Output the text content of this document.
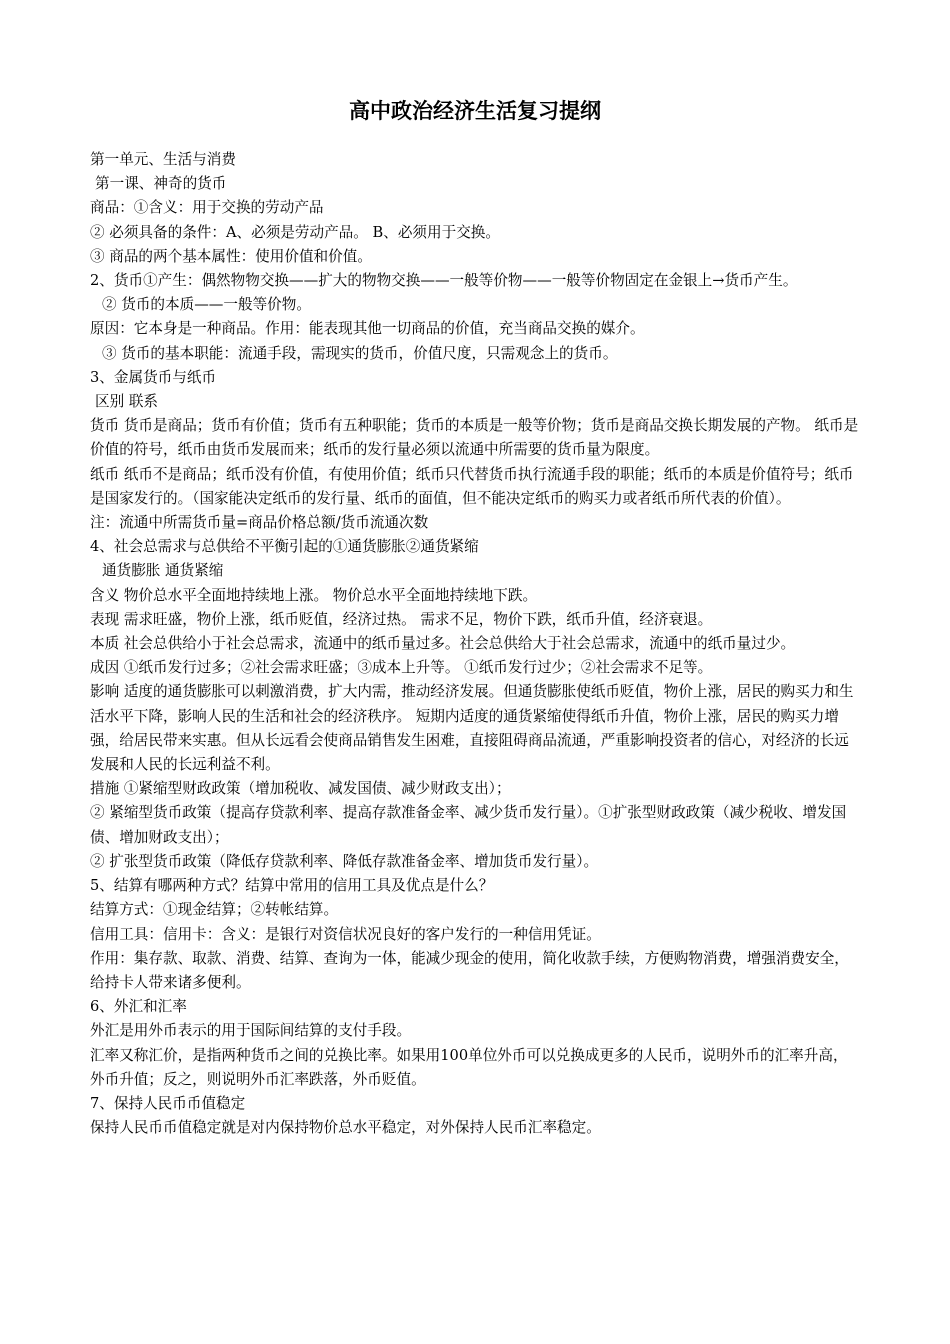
高中政治经济生活复习提纲

第一单元、生活与消费

第一课、神奇的货币

商品：①含义：用于交换的劳动产品

② 必须具备的条件：A、必须是劳动产品。 B、必须用于交换。

③ 商品的两个基本属性：使用价值和价值。

2、货币①产生：偶然物物交换——扩大的物物交换——一般等价物——一般等价物固定在金银上→货币产生。

② 货币的本质——一般等价物。

原因：它本身是一种商品。作用：能表现其他一切商品的价值，充当商品交换的媒介。

③ 货币的基本职能：流通手段，需现实的货币，价值尺度，只需观念上的货币。

3、金属货币与纸币

区别 联系

货币 货币是商品；货币有价值；货币有五种职能；货币的本质是一般等价物；货币是商品交换长期发展的产物。 纸币是价值的符号，纸币由货币发展而来；纸币的发行量必须以流通中所需要的货币量为限度。

纸币 纸币不是商品；纸币没有价值，有使用价值；纸币只代替货币执行流通手段的职能；纸币的本质是价值符号；纸币是国家发行的。（国家能决定纸币的发行量、纸币的面值，但不能决定纸币的购买力或者纸币所代表的价值）。

注：流通中所需货币量=商品价格总额/货币流通次数

4、社会总需求与总供给不平衡引起的①通货膨胀②通货紧缩

通货膨胀 通货紧缩

含义 物价总水平全面地持续地上涨。 物价总水平全面地持续地下跌。

表现 需求旺盛，物价上涨，纸币贬值，经济过热。 需求不足，物价下跌，纸币升值，经济衰退。

本质 社会总供给小于社会总需求，流通中的纸币量过多。社会总供给大于社会总需求，流通中的纸币量过少。

成因 ①纸币发行过多；②社会需求旺盛；③成本上升等。 ①纸币发行过少；②社会需求不足等。

影响 适度的通货膨胀可以刺激消费，扩大内需，推动经济发展。但通货膨胀使纸币贬值，物价上涨，居民的购买力和生活水平下降，影响人民的生活和社会的经济秩序。 短期内适度的通货紧缩使得纸币升值，物价上涨，居民的购买力增强，给居民带来实惠。但从长远看会使商品销售发生困难，直接阻碍商品流通，严重影响投资者的信心，对经济的长远发展和人民的长远利益不利。

措施 ①紧缩型财政政策（增加税收、减发国债、减少财政支出）；

② 紧缩型货币政策（提高存贷款利率、提高存款准备金率、减少货币发行量）。①扩张型财政政策（减少税收、增发国债、增加财政支出）；

② 扩张型货币政策（降低存贷款利率、降低存款准备金率、增加货币发行量）。

5、结算有哪两种方式？结算中常用的信用工具及优点是什么？

结算方式：①现金结算；②转帐结算。

信用工具：信用卡：含义：是银行对资信状况良好的客户发行的一种信用凭证。

作用：集存款、取款、消费、结算、查询为一体，能减少现金的使用，简化收款手续，方便购物消费，增强消费安全，给持卡人带来诸多便利。

6、外汇和汇率

外汇是用外币表示的用于国际间结算的支付手段。

汇率又称汇价，是指两种货币之间的兑换比率。如果用100单位外币可以兑换成更多的人民币，说明外币的汇率升高，外币升值；反之，则说明外币汇率跌落，外币贬值。

7、保持人民币币值稳定

保持人民币币值稳定就是对内保持物价总水平稳定，对外保持人民币汇率稳定。
